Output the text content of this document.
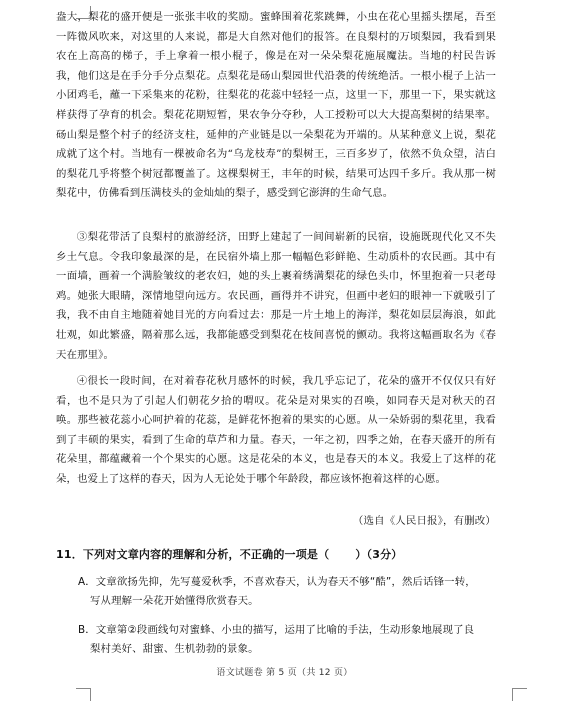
盎大，梨花的盛开便是一张张丰收的奖励。蜜蜂围着花浆跳舞，小虫在花心里摇头摆尾，吾至一阵微风吹来，对这里的人来说，都是大自然对他们的报答。在良梨村的万顷梨园，我看到果农在上高高的梯子，手上拿着一根小棍子，像是在对一朵朵梨花施展魔法。当地的村民告诉我，他们这是在手分手分点梨花。点梨花是砀山梨园世代沿袭的传统绝活。一根小棍子上沾一小团鸡毛，蘸一下采集来的花粉，往梨花的花蕊中轻轻一点，这里一下，那里一下，果实就这样获得了孕育的机会。梨花花期短暂，果农争分夺秒，人工授粉可以大大提高梨树的结果率。砀山梨是整个村子的经济支柱，延伸的产业链是以一朵梨花为开端的。从某种意义上说，梨花成就了这个村。当地有一棵被命名为“乌龙枝寿”的梨树王，三百多岁了，依然不负众望，洁白的梨花几乎将整个树冠都覆盖了。这棵梨树王，丰年的时候，结果可达四千多斤。我从那一树梨花中，仿佛看到压满枝头的金灿灿的梨子，感受到它澎湃的生命气息。
③梨花带活了良梨村的旅游经济，田野上建起了一间间崭新的民宿，设施既现代化又不失乡土气息。令我印象最深的是，在民宿外墙上那一幅幅色彩鲜艳、生动质朴的农民画。其中有一面墙，画着一个满脸皱纹的老农妇，她的头上裹着绣满梨花的绿色头巾，怀里抱着一只老母鸡。她张大眼睛，深情地望向远方。农民画，画得并不讲究，但画中老妇的眼神一下就吸引了我，我不由自主地随着她目光的方向看过去：那是一片土地上的海洋，梨花如层层海浪，如此壮观，如此繁盛，隔着那么远，我都能感受到梨花在枝间喜悦的颤动。我将这幅画取名为《春天在那里》。
④很长一段时间，在对着春花秋月感怀的时候，我几乎忘记了，花朵的盛开不仅仅只有好看，也不是只为了引起人们朝花夕拾的喟叹。花朵是对果实的召唤，如同春天是对秋天的召唤。那些被花蕊小心呵护着的花蕊，是鲜花怀抱着的果实的心愿。从一朵娇弱的梨花里，我看到了丰硕的果实，看到了生命的草芦和力量。春天，一年之初，四季之始，在春天盛开的所有花朵里，都蕴藏着一个个果实的心愿。这是花朵的本义，也是春天的本义。我爱上了这样的花朵，也爱上了这样的春天，因为人无论处于哪个年龄段，都应该怀抱着这样的心愿。
（选自《人民日报》，有删改）
11．下列对文章内容的理解和分析，不正确的一项是（ ）（3分）
A．文章欲扬先抑，先写蔓爱秋季，不喜欢春天，认为春天不够“酷”，然后话锋一转，
写从理解一朵花开始懂得欣赏春天。
B．文章第②段画线句对蜜蜂、小虫的描写，运用了比喻的手法，生动形象地展现了良
梨村美好、甜蜜、生机勃勃的景象。
语文试题卷 第 5 页（共 12 页）
